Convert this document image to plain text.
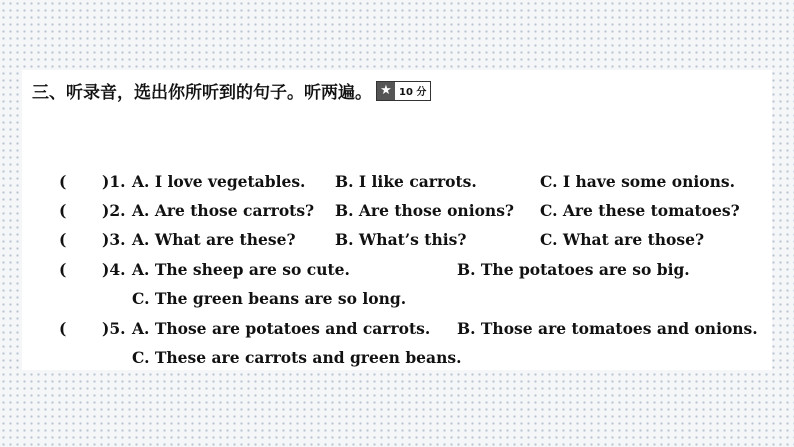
三、听录音，选出你所听到的句子。听两遍。 ★ 10 分
( )1. A. I love vegetables. B. I like carrots.	C. I have some onions.
( )2. A. Are those carrots? B. Are those onions? C. Are these tomatoes?
( )3. A. What are these?	B. What’s this?	C. What are those?
( )4. A. The sheep are so cute.	B. The potatoes are so big.
C. The green beans are so long.
( )5. A. Those are potatoes and carrots. B. Those are tomatoes and onions.
C. These are carrots and green beans.
